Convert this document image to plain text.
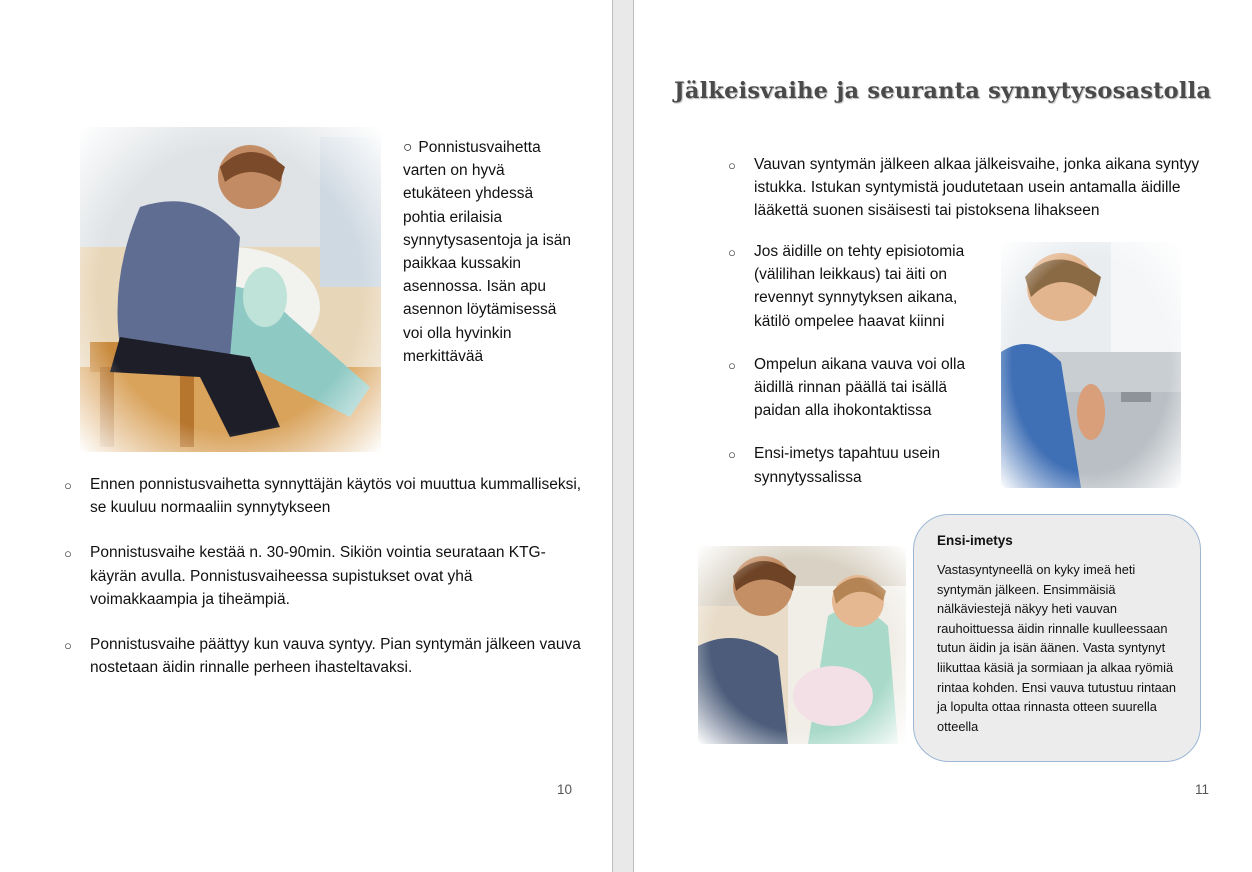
○ Ponnistusvaihetta varten on hyvä etukäteen yhdessä pohtia erilaisia synnytysasentoja ja isän paikkaa kussakin asennossa. Isän apu asennon löytämisessä voi olla hyvinkin merkittävää
○ Ennen ponnistusvaihetta synnyttäjän käytös voi muuttua kummalliseksi, se kuuluu normaaliin synnytykseen
○ Ponnistusvaihe kestää n. 30-90min. Sikiön vointia seurataan KTG-käyrän avulla. Ponnistusvaiheessa supistukset ovat yhä voimakkaampia ja tiheämpiä.
○ Ponnistusvaihe päättyy kun vauva syntyy. Pian syntymän jälkeen vauva nostetaan äidin rinnalle perheen ihasteltavaksi.
10
Jälkeisvaihe ja seuranta synnytysosastolla
○ Vauvan syntymän jälkeen alkaa jälkeisvaihe, jonka aikana syntyy istukka. Istukan syntymistä joudutetaan usein antamalla äidille lääkettä suonen sisäisesti tai pistoksena lihakseen
○ Jos äidille on tehty episiotomia (välilihan leikkaus) tai äiti on revennyt synnytyksen aikana, kätilö ompelee haavat kiinni
○ Ompelun aikana vauva voi olla äidillä rinnan päällä tai isällä paidan alla ihokontaktissa
○ Ensi-imetys tapahtuu usein synnytyssalissa
Ensi-imetys
Vastasyntyneellä on kyky imeä heti syntymän jälkeen. Ensimmäisiä nälkäviestejä näkyy heti vauvan rauhoittuessa äidin rinnalle kuulleessaan tutun äidin ja isän äänen. Vasta syntynyt liikuttaa käsiä ja sormiaan ja alkaa ryömiä rintaa kohden. Ensi vauva tutustuu rintaan ja lopulta ottaa rinnasta otteen suurella otteella
11
